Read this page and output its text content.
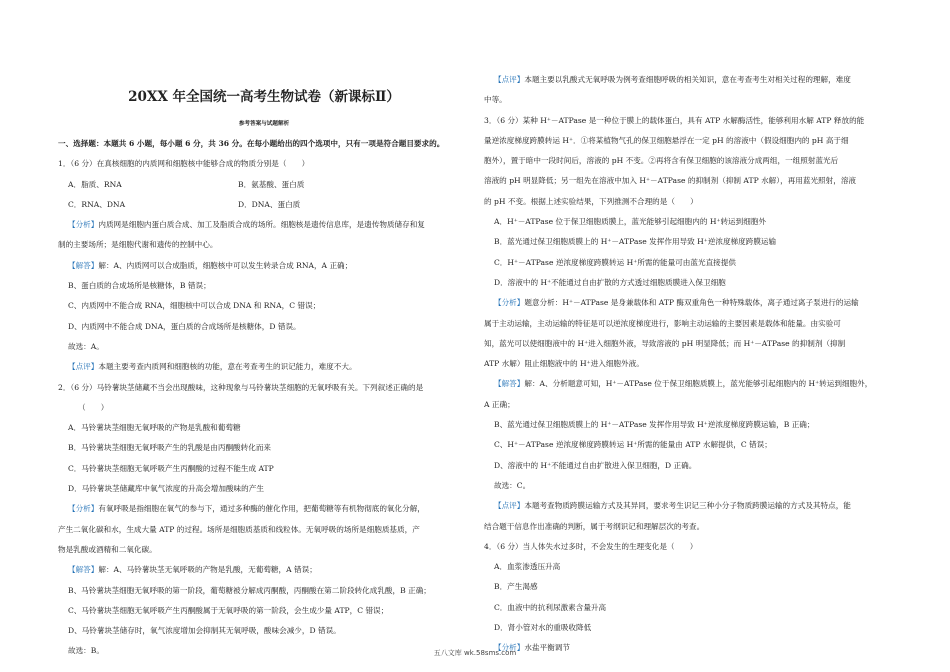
20XX 年全国统一高考生物试卷（新课标Ⅱ）
参考答案与试题解析
一、选择题：本题共 6 小题，每小题 6 分，共 36 分。在每小题给出的四个选项中，只有一项是符合题目要求的。
1．（6 分）在真核细胞的内质网和细胞核中能够合成的物质分别是（　　）
A．脂质、RNA	B．氨基酸、蛋白质
C．RNA、DNA	D．DNA、蛋白质
【分析】内质网是细胞内蛋白质合成、加工及脂质合成的场所。细胞核是遗传信息库，是遗传物质储存和复
制的主要场所；是细胞代谢和遗传的控制中心。
【解答】解：A、内质网可以合成脂质，细胞核中可以发生转录合成 RNA，A 正确；
B、蛋白质的合成场所是核糖体，B 错误；
C、内质网中不能合成 RNA，细胞核中可以合成 DNA 和 RNA，C 错误；
D、内质网中不能合成 DNA，蛋白质的合成场所是核糖体，D 错误。
故选：A。
【点评】本题主要考查内质网和细胞核的功能，意在考查考生的识记能力，难度不大。
2．（6 分）马铃薯块茎储藏不当会出现酸味，这种现象与马铃薯块茎细胞的无氧呼吸有关。下列叙述正确的是
（　　）
A．马铃薯块茎细胞无氧呼吸的产物是乳酸和葡萄糖
B．马铃薯块茎细胞无氧呼吸产生的乳酸是由丙酮酸转化而来
C．马铃薯块茎细胞无氧呼吸产生丙酮酸的过程不能生成 ATP
D．马铃薯块茎储藏库中氧气浓度的升高会增加酸味的产生
【分析】有氧呼吸是指细胞在氧气的参与下，通过多种酶的催化作用，把葡萄糖等有机物彻底的氧化分解，
产生二氧化碳和水，生成大量 ATP 的过程。场所是细胞质基质和线粒体。无氧呼吸的场所是细胞质基质，产
物是乳酸或酒精和二氧化碳。
【解答】解：A、马铃薯块茎无氧呼吸的产物是乳酸，无葡萄糖，A 错误；
B、马铃薯块茎细胞无氧呼吸的第一阶段，葡萄糖被分解成丙酮酸，丙酮酸在第二阶段转化成乳酸，B 正确；
C、马铃薯块茎细胞无氧呼吸产生丙酮酸属于无氧呼吸的第一阶段，会生成少量 ATP，C 错误；
D、马铃薯块茎储存时，氧气浓度增加会抑制其无氧呼吸，酸味会减少，D 错误。
故选：B。
【点评】本题主要以乳酸式无氧呼吸为例考查细胞呼吸的相关知识，意在考查考生对相关过程的理解，难度
中等。
3．（6 分）某种 H⁺－ATPase 是一种位于膜上的载体蛋白，具有 ATP 水解酶活性，能够利用水解 ATP 释放的能
量逆浓度梯度跨膜转运 H⁺．①将某植物气孔的保卫细胞悬浮在一定 pH 的溶液中（假设细胞内的 pH 高于细
胞外），置于暗中一段时间后，溶液的 pH 不变。②再将含有保卫细胞的该溶液分成两组，一组照射蓝光后
溶液的 pH 明显降低；另一组先在溶液中加入 H⁺－ATPase 的抑制剂（抑制 ATP 水解），再用蓝光照射，溶液
的 pH 不变。根据上述实验结果，下列推测不合理的是（　　）
A．H⁺－ATPase 位于保卫细胞质膜上，蓝光能够引起细胞内的 H⁺转运到细胞外
B．蓝光通过保卫细胞质膜上的 H⁺－ATPase 发挥作用导致 H⁺逆浓度梯度跨膜运输
C．H⁺－ATPase 逆浓度梯度跨膜转运 H⁺所需的能量可由蓝光直接提供
D．溶液中的 H⁺不能通过自由扩散的方式透过细胞质膜进入保卫细胞
【分析】题意分析：H⁺－ATPase 是身兼载体和 ATP 酶双重角色一种特殊载体，离子通过离子泵进行的运输
属于主动运输，主动运输的特征是可以逆浓度梯度进行，影响主动运输的主要因素是载体和能量。由实验可
知，蓝光可以使细胞液中的 H⁺进入细胞外液，导致溶液的 pH 明显降低；而 H⁺－ATPase 的抑制剂（抑制
ATP 水解）阻止细胞液中的 H⁺进入细胞外液。
【解答】解：A、分析题意可知，H⁺－ATPase 位于保卫细胞质膜上，蓝光能够引起细胞内的 H⁺转运到细胞外，
A 正确；
B、蓝光通过保卫细胞质膜上的 H⁺－ATPase 发挥作用导致 H⁺逆浓度梯度跨膜运输，B 正确；
C、H⁺－ATPase 逆浓度梯度跨膜转运 H⁺所需的能量由 ATP 水解提供，C 错误；
D、溶液中的 H⁺不能通过自由扩散进入保卫细胞，D 正确。
故选：C。
【点评】本题考查物质跨膜运输方式及其异同，要求考生识记三种小分子物质跨膜运输的方式及其特点，能
结合题干信息作出准确的判断，属于考纲识记和理解层次的考查。
4．（6 分）当人体失水过多时，不会发生的生理变化是（　　）
A．血浆渗透压升高
B．产生渴感
C．血液中的抗利尿激素含量升高
D．肾小管对水的重吸收降低
【分析】水盐平衡调节
五八文库 wk.58sms.com
